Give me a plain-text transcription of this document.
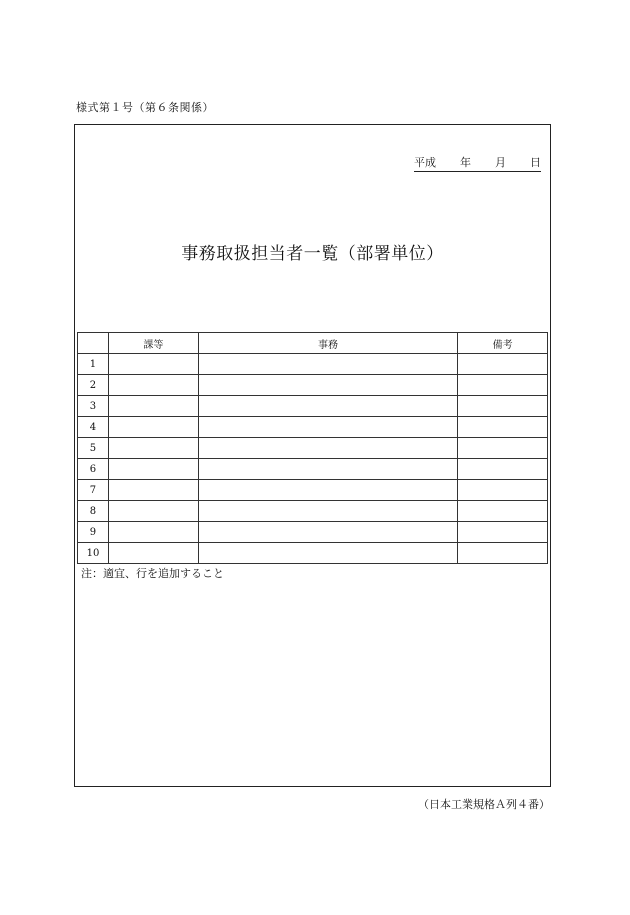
様式第１号（第６条関係）
平成 年 月 日
事務取扱担当者一覧（部署単位）
	課等	事務	備考
1			
2			
3			
4			
5			
6			
7			
8			
9			
10			
注：適宜、行を追加すること
（日本工業規格Ａ列４番）
